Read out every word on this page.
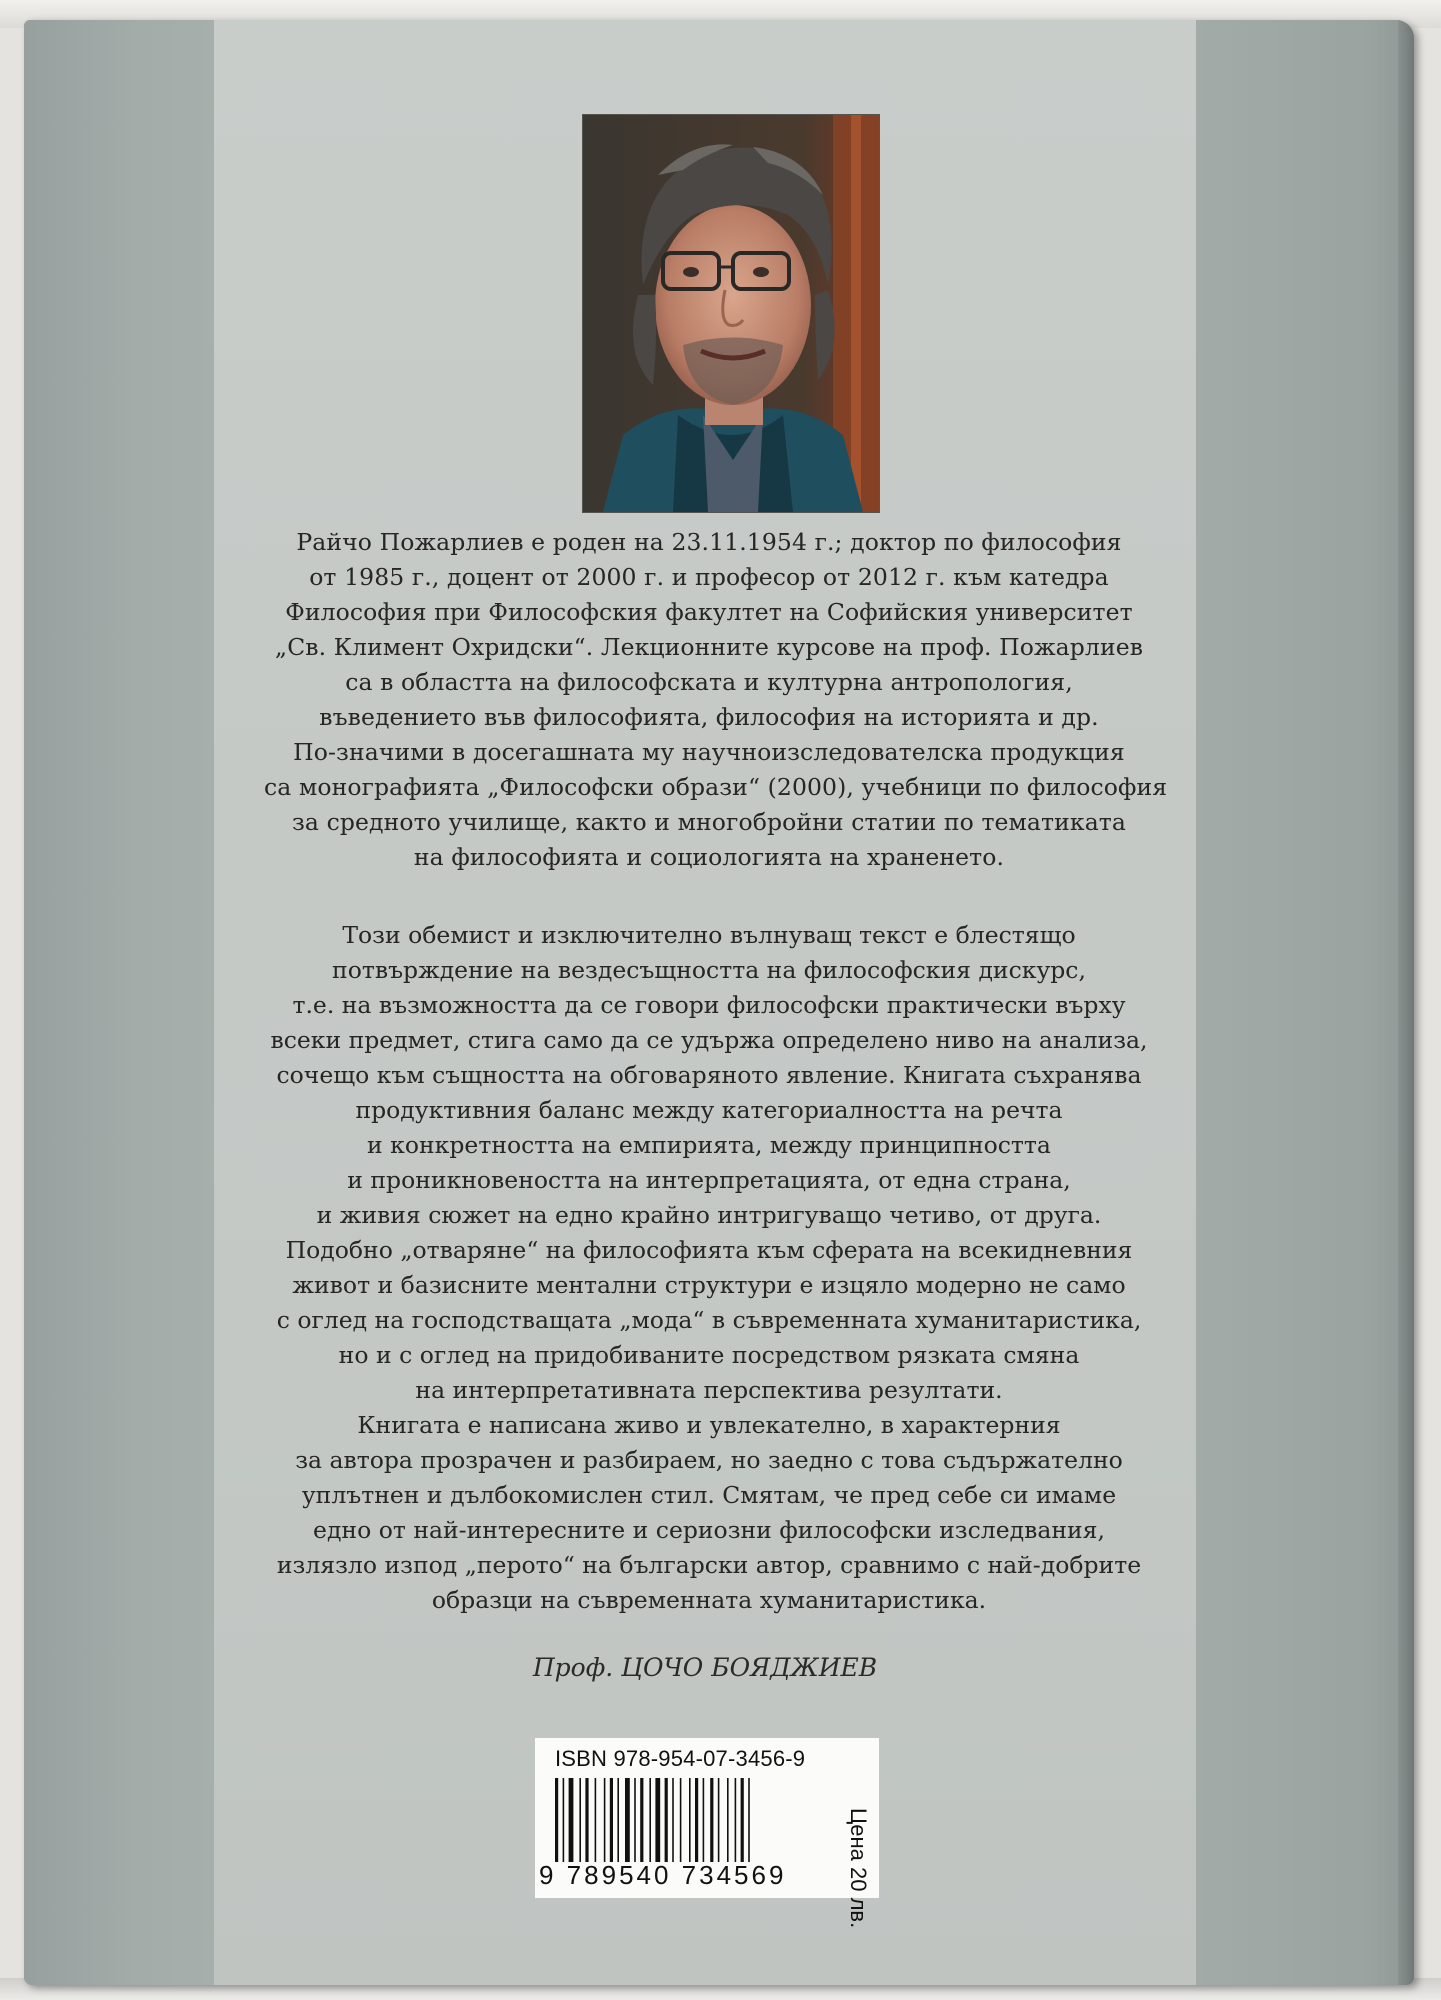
Райчо Пожарлиев е роден на 23.11.1954 г.; доктор по философия
от 1985 г., доцент от 2000 г. и професор от 2012 г. към катедра
Философия при Философския факултет на Софийския университет
„Св. Климент Охридски“. Лекционните курсове на проф. Пожарлиев
са в областта на философската и културна антропология,
въведението във философията, философия на историята и др.
По-значими в досегашната му научноизследователска продукция
са монографията „Философски образи“ (2000), учебници по философия
за средното училище, както и многобройни статии по тематиката
на философията и социологията на храненето.
Този обемист и изключително вълнуващ текст е блестящо
потвърждение на вездесъщността на философския дискурс,
т.е. на възможността да се говори философски практически върху
всеки предмет, стига само да се удържа определено ниво на анализа,
сочещо към същността на обговаряното явление. Книгата съхранява
продуктивния баланс между категориалността на речта
и конкретността на емпирията, между принципността
и проникновеността на интерпретацията, от една страна,
и живия сюжет на едно крайно интригуващо четиво, от друга.
Подобно „отваряне“ на философията към сферата на всекидневния
живот и базисните ментални структури е изцяло модерно не само
с оглед на господстващата „мода“ в съвременната хуманитаристика,
но и с оглед на придобиваните посредством рязката смяна
на интерпретативната перспектива резултати.
Книгата е написана живо и увлекателно, в характерния
за автора прозрачен и разбираем, но заедно с това съдържателно
уплътнен и дълбокомислен стил. Смятам, че пред себе си имаме
едно от най-интересните и сериозни философски изследвания,
излязло изпод „перото“ на български автор, сравнимо с най-добрите
образци на съвременната хуманитаристика.
Проф. ЦОЧО БОЯДЖИЕВ
ISBN 978-954-07-3456-9
9 789540 734569	Цена 20 лв.
